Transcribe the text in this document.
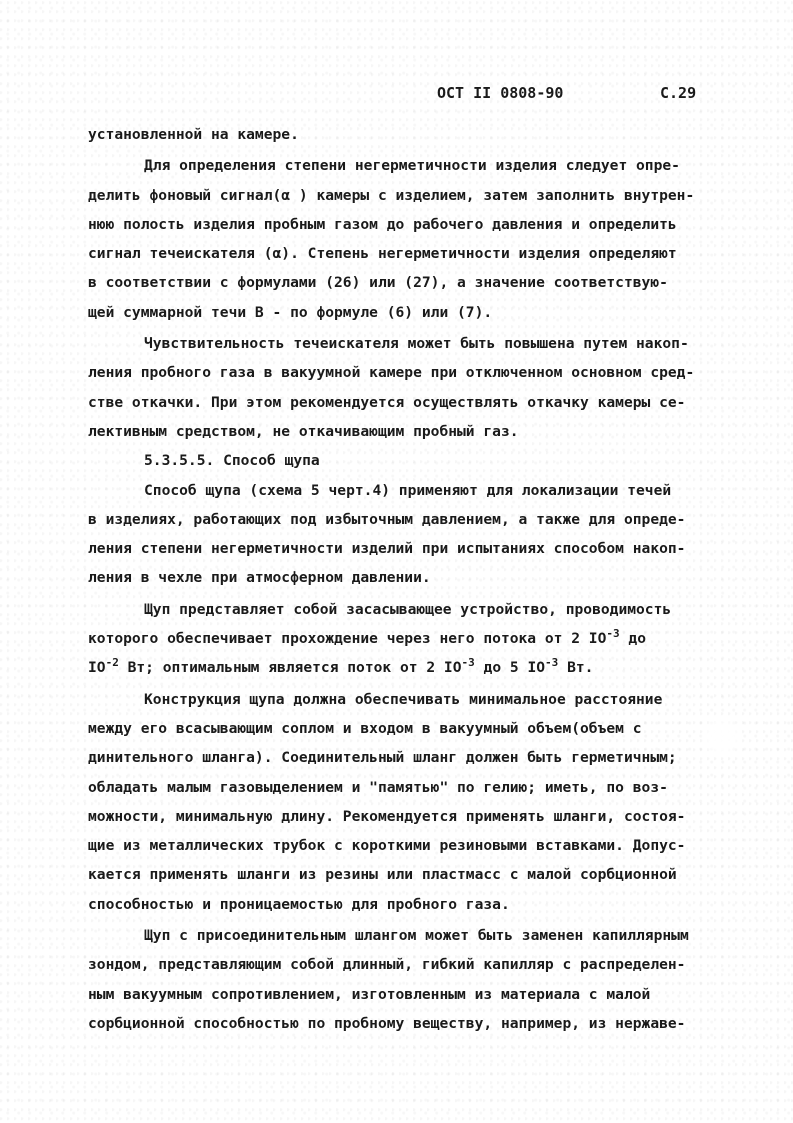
ОСТ II 0808-90	С.29
установленной на камере.
Для определения степени негерметичности изделия следует опре-
делить фоновый сигнал(α ) камеры с изделием, затем заполнить внутрен-
нюю полость изделия пробным газом до рабочего давления и определить
сигнал течеискателя (α). Степень негерметичности изделия определяют
в соответствии с формулами (26) или (27), а значение соответствую-
щей суммарной течи В - по формуле (6) или (7).
Чувствительность течеискателя может быть повышена путем накоп-
ления пробного газа в вакуумной камере при отключенном основном сред-
стве откачки. При этом рекомендуется осуществлять откачку камеры се-
лективным средством, не откачивающим пробный газ.
5.3.5.5. Способ щупа
Способ щупа (схема 5 черт.4) применяют для локализации течей
в изделиях, работающих под избыточным давлением, а также для опреде-
ления степени негерметичности изделий при испытаниях способом накоп-
ления в чехле при атмосферном давлении.
Щуп представляет собой засасывающее устройство, проводимость
которого обеспечивает прохождение через него потока от 2 $IO^{-3}$ до
$IO^{-2}$ Вт; оптимальным является поток от 2 $IO^{-3}$ до 5 $IO^{-3}$ Вт.
Конструкция щупа должна обеспечивать минимальное расстояние
между его всасывающим соплом и входом в вакуумный объем(объем с
динительного шланга). Соединительный шланг должен быть герметичным;
обладать малым газовыделением и "памятью" по гелию; иметь, по воз-
можности, минимальную длину. Рекомендуется применять шланги, состоя-
щие из металлических трубок с короткими резиновыми вставками. Допус-
кается применять шланги из резины или пластмасс с малой сорбционной
способностью и проницаемостью для пробного газа.
Щуп с присоединительным шлангом может быть заменен капиллярным
зондом, представляющим собой длинный, гибкий капилляр с распределен-
ным вакуумным сопротивлением, изготовленным из материала с малой
сорбционной способностью по пробному веществу, например, из нержаве-
